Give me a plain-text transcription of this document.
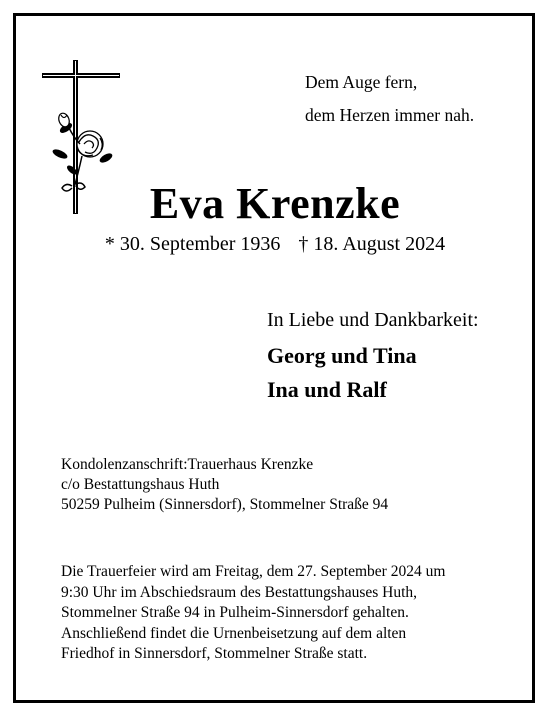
Dem Auge fern,
dem Herzen immer nah.
Eva Krenzke
* 30. September 1936 † 18. August 2024
In Liebe und Dankbarkeit:
Georg und Tina
Ina und Ralf
Kondolenzanschrift:Trauerhaus Krenzke
c/o Bestattungshaus Huth
50259 Pulheim (Sinnersdorf), Stommelner Straße 94
Die Trauerfeier wird am Freitag, dem 27. September 2024 um
9:30 Uhr im Abschiedsraum des Bestattungshauses Huth,
Stommelner Straße 94 in Pulheim-Sinnersdorf gehalten.
Anschließend findet die Urnenbeisetzung auf dem alten
Friedhof in Sinnersdorf, Stommelner Straße statt.
